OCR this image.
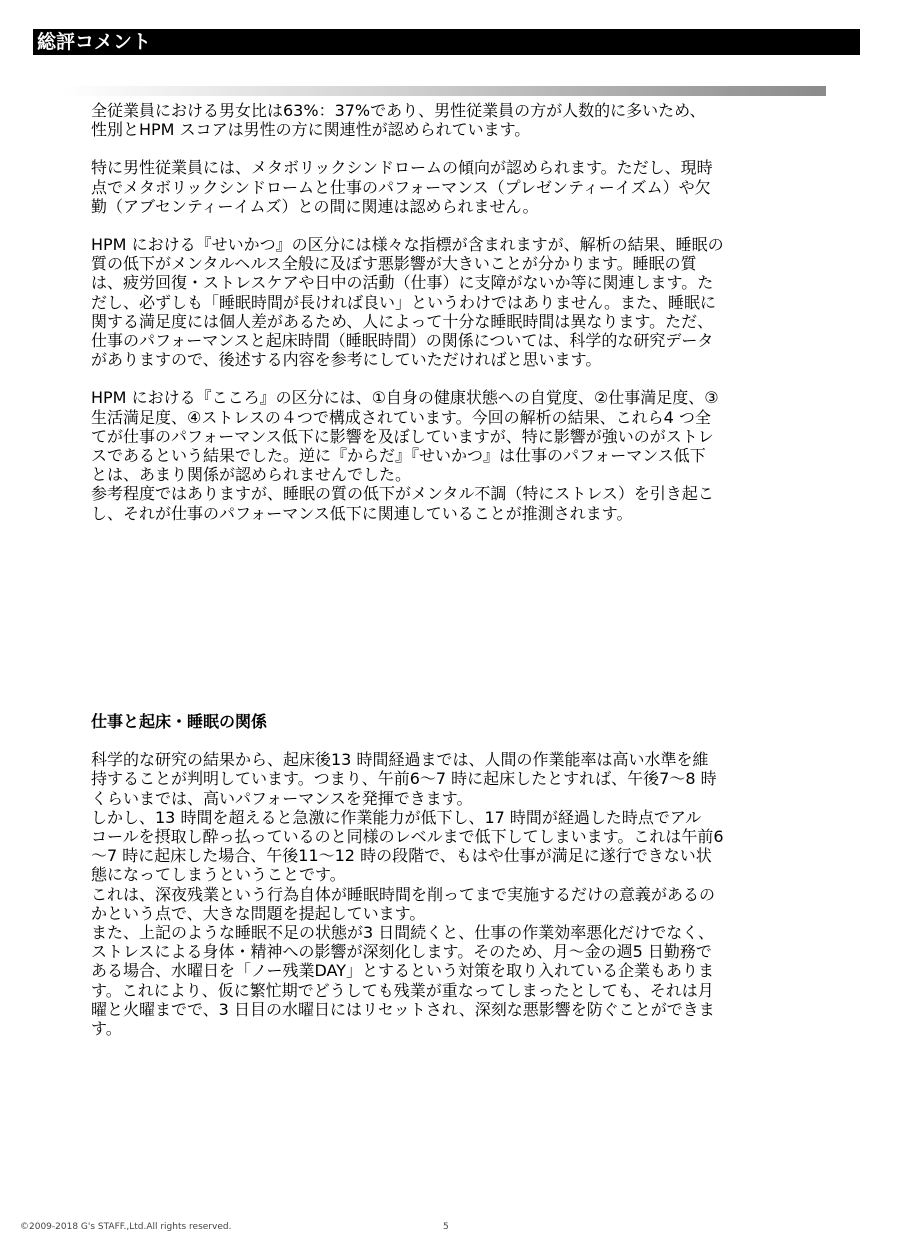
総評コメント
全従業員における男女比は63%：37%であり、男性従業員の方が人数的に多いため、
性別とHPM スコアは男性の方に関連性が認められています。
特に男性従業員には、メタボリックシンドロームの傾向が認められます。ただし、現時
点でメタボリックシンドロームと仕事のパフォーマンス（プレゼンティーイズム）や欠
勤（アブセンティーイムズ）との間に関連は認められません。
HPM における『せいかつ』の区分には様々な指標が含まれますが、解析の結果、睡眠の
質の低下がメンタルヘルス全般に及ぼす悪影響が大きいことが分かります。睡眠の質
は、疲労回復・ストレスケアや日中の活動（仕事）に支障がないか等に関連します。た
だし、必ずしも「睡眠時間が長ければ良い」というわけではありません。また、睡眠に
関する満足度には個人差があるため、人によって十分な睡眠時間は異なります。ただ、
仕事のパフォーマンスと起床時間（睡眠時間）の関係については、科学的な研究データ
がありますので、後述する内容を参考にしていただければと思います。
HPM における『こころ』の区分には、①自身の健康状態への自覚度、②仕事満足度、③
生活満足度、④ストレスの４つで構成されています。今回の解析の結果、これら4 つ全
てが仕事のパフォーマンス低下に影響を及ぼしていますが、特に影響が強いのがストレ
スであるという結果でした。逆に『からだ』『せいかつ』は仕事のパフォーマンス低下
とは、あまり関係が認められませんでした。
参考程度ではありますが、睡眠の質の低下がメンタル不調（特にストレス）を引き起こ
し、それが仕事のパフォーマンス低下に関連していることが推測されます。
仕事と起床・睡眠の関係
科学的な研究の結果から、起床後13 時間経過までは、人間の作業能率は高い水準を維
持することが判明しています。つまり、午前6～7 時に起床したとすれば、午後7～8 時
くらいまでは、高いパフォーマンスを発揮できます。
しかし、13 時間を超えると急激に作業能力が低下し、17 時間が経過した時点でアル
コールを摂取し酔っ払っているのと同様のレベルまで低下してしまいます。これは午前6
～7 時に起床した場合、午後11～12 時の段階で、もはや仕事が満足に遂行できない状
態になってしまうということです。
これは、深夜残業という行為自体が睡眠時間を削ってまで実施するだけの意義があるの
かという点で、大きな問題を提起しています。
また、上記のような睡眠不足の状態が3 日間続くと、仕事の作業効率悪化だけでなく、
ストレスによる身体・精神への影響が深刻化します。そのため、月～金の週5 日勤務で
ある場合、水曜日を「ノー残業DAY」とするという対策を取り入れている企業もありま
す。これにより、仮に繁忙期でどうしても残業が重なってしまったとしても、それは月
曜と火曜までで、3 日目の水曜日にはリセットされ、深刻な悪影響を防ぐことができま
す。
©2009-2018 G's STAFF.,Ltd.All rights reserved.	5
